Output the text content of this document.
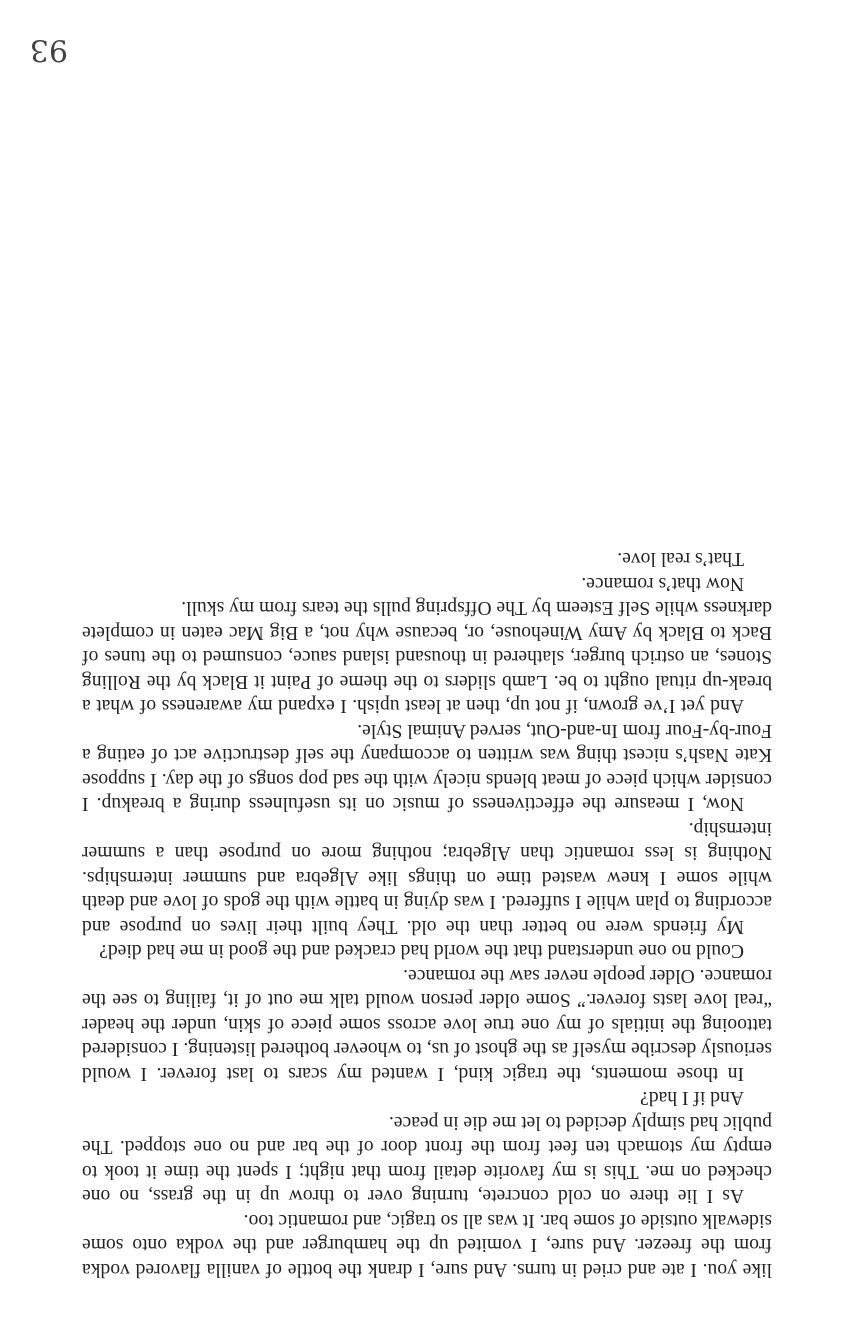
like you. I ate and cried in turns. And sure, I drank the bottle of vanilla flavored vodka from the freezer. And sure, I vomited up the hamburger and the vodka onto some sidewalk outside of some bar. It was all so tragic, and romantic too.

As I lie there on cold concrete, turning over to throw up in the grass, no one checked on me. This is my favorite detail from that night; I spent the time it took to empty my stomach ten feet from the front door of the bar and no one stopped. The public had simply decided to let me die in peace.

And if I had?

In those moments, the tragic kind, I wanted my scars to last forever. I would seriously describe myself as the ghost of us, to whoever bothered listening. I considered tattooing the initials of my one true love across some piece of skin, under the header “real love lasts forever.” Some older person would talk me out of it, failing to see the romance. Older people never saw the romance.

Could no one understand that the world had cracked and the good in me had died?

My friends were no better than the old. They built their lives on purpose and according to plan while I suffered. I was dying in battle with the gods of love and death while some I knew wasted time on things like Algebra and summer internships. Nothing is less romantic than Algebra; nothing more on purpose than a summer internship.

Now, I measure the effectiveness of music on its usefulness during a breakup. I consider which piece of meat blends nicely with the sad pop songs of the day. I suppose Kate Nash’s nicest thing was written to accompany the self destructive act of eating a Four-by-Four from In-and-Out, served Animal Style.

And yet I’ve grown, if not up, then at least upish. I expand my awareness of what a break-up ritual ought to be. Lamb sliders to the theme of Paint it Black by the Rolling Stones, an ostrich burger, slathered in thousand island sauce, consumed to the tunes of Back to Black by Amy Winehouse, or, because why not, a Big Mac eaten in complete darkness while Self Esteem by The Offspring pulls the tears from my skull.

Now that’s romance.

That’s real love.

93
